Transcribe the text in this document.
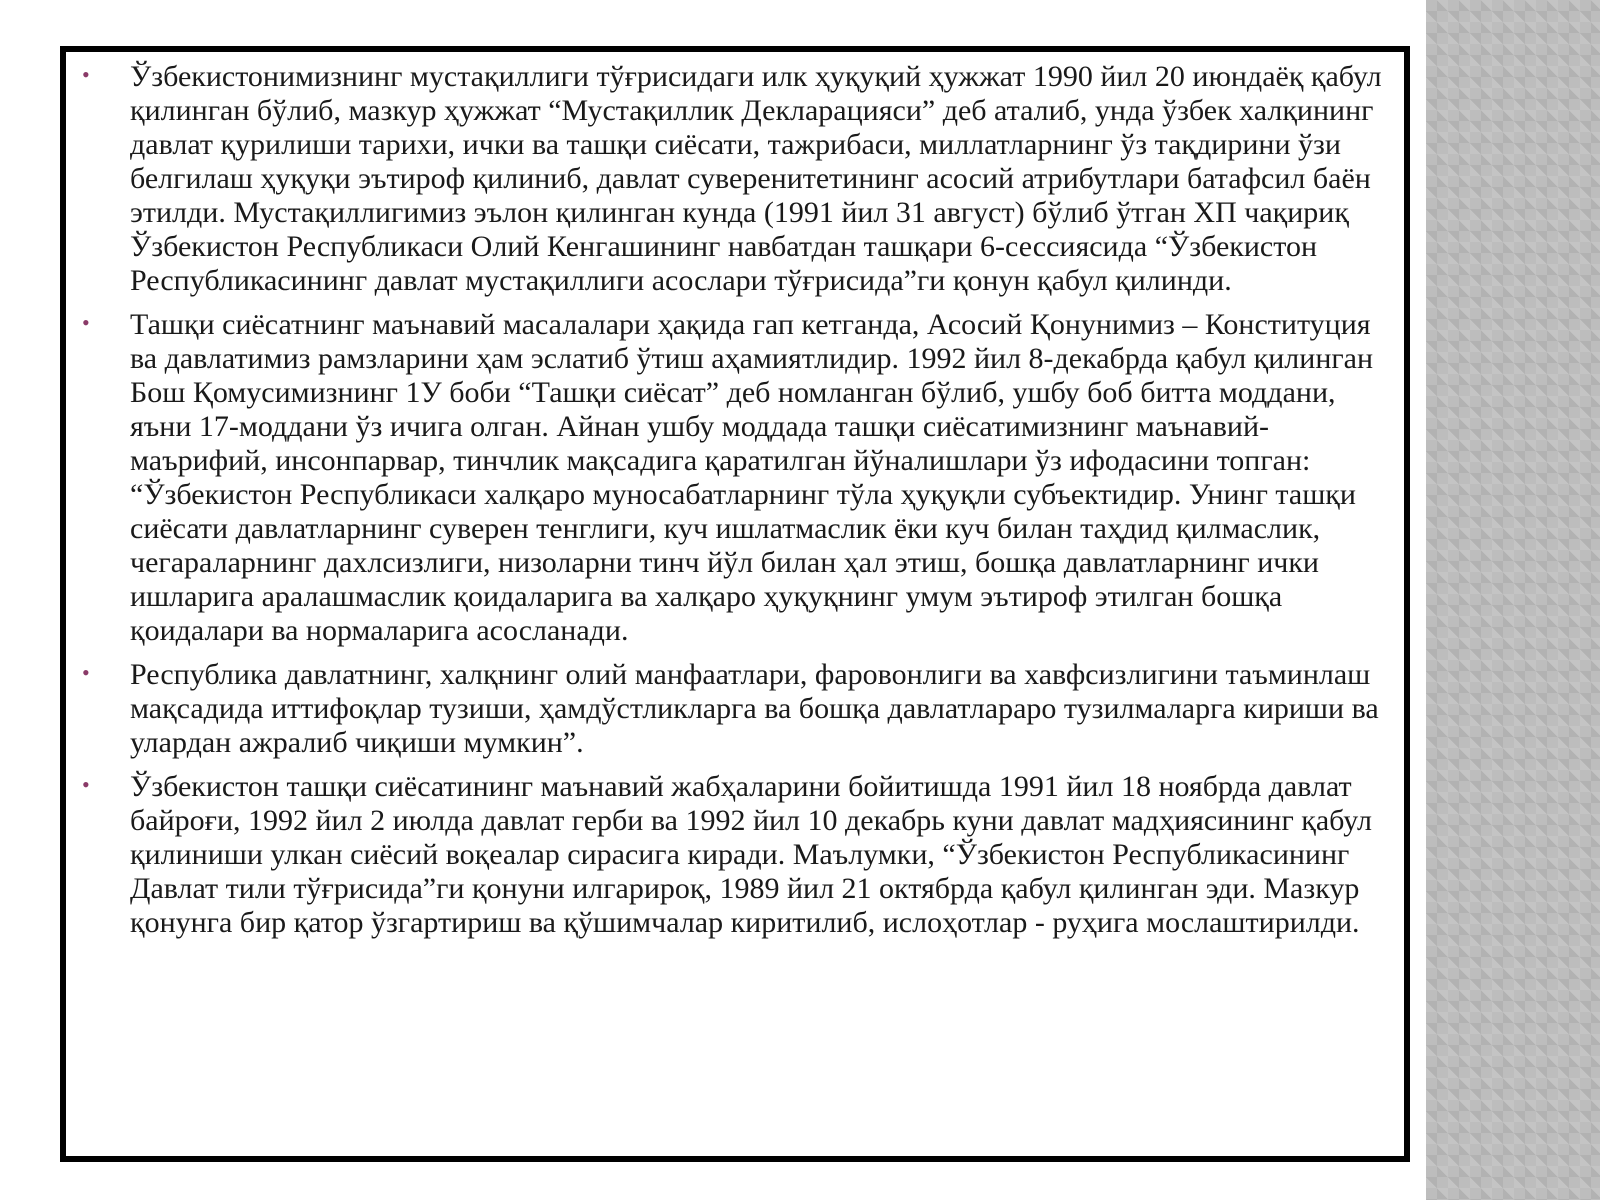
• Ўзбекистонимизнинг мустақиллиги тўғрисидаги илк ҳуқуқий ҳужжат 1990 йил 20 июндаёқ қабул қилинган бўлиб, мазкур ҳужжат “Мустақиллик Декларацияси” деб аталиб, унда ўзбек халқининг давлат қурилиши тарихи, ички ва ташқи сиёсати, тажрибаси, миллатларнинг ўз тақдирини ўзи белгилаш ҳуқуқи эътироф қилиниб, давлат суверенитетининг асосий атрибутлари батафсил баён этилди. Мустақиллигимиз эълон қилинган кунда (1991 йил 31 август) бўлиб ўтган ХП чақириқ Ўзбекистон Республикаси Олий Кенгашининг навбатдан ташқари 6-сессиясида “Ўзбекистон Республикасининг давлат мустақиллиги асослари тўғрисида”ги қонун қабул қилинди.
• Ташқи сиёсатнинг маънавий масалалари ҳақида гап кетганда, Асосий Қонунимиз – Конституция ва давлатимиз рамзларини ҳам эслатиб ўтиш аҳамиятлидир. 1992 йил 8-декабрда қабул қилинган Бош Қомусимизнинг 1У боби “Ташқи сиёсат” деб номланган бўлиб, ушбу боб битта моддани, яъни 17-моддани ўз ичига олган. Айнан ушбу моддада ташқи сиёсатимизнинг маънавий-маърифий, инсонпарвар, тинчлик мақсадига қаратилган йўналишлари ўз ифодасини топган: “Ўзбекистон Республикаси халқаро муносабатларнинг тўла ҳуқуқли субъектидир. Унинг ташқи сиёсати давлатларнинг суверен тенглиги, куч ишлатмаслик ёки куч билан таҳдид қилмаслик, чегараларнинг дахлсизлиги, низоларни тинч йўл билан ҳал этиш, бошқа давлатларнинг ички ишларига аралашмаслик қоидаларига ва халқаро ҳуқуқнинг умум эътироф этилган бошқа қоидалари ва нормаларига асосланади.
• Республика давлатнинг, халқнинг олий манфаатлари, фаровонлиги ва хавфсизлигини таъминлаш мақсадида иттифоқлар тузиши, ҳамдўстликларга ва бошқа давлатлараро тузилмаларга кириши ва улардан ажралиб чиқиши мумкин”.
• Ўзбекистон ташқи сиёсатининг маънавий жабҳаларини бойитишда 1991 йил 18 ноябрда давлат байроғи, 1992 йил 2 июлда давлат герби ва 1992 йил 10 декабрь куни давлат мадҳиясининг қабул қилиниши улкан сиёсий воқеалар сирасига киради. Маълумки, “Ўзбекистон Республикасининг Давлат тили тўғрисида”ги қонуни илгарироқ, 1989 йил 21 октябрда қабул қилинган эди. Мазкур қонунга бир қатор ўзгартириш ва қўшимчалар киритилиб, ислоҳотлар - руҳига мослаштирилди.
